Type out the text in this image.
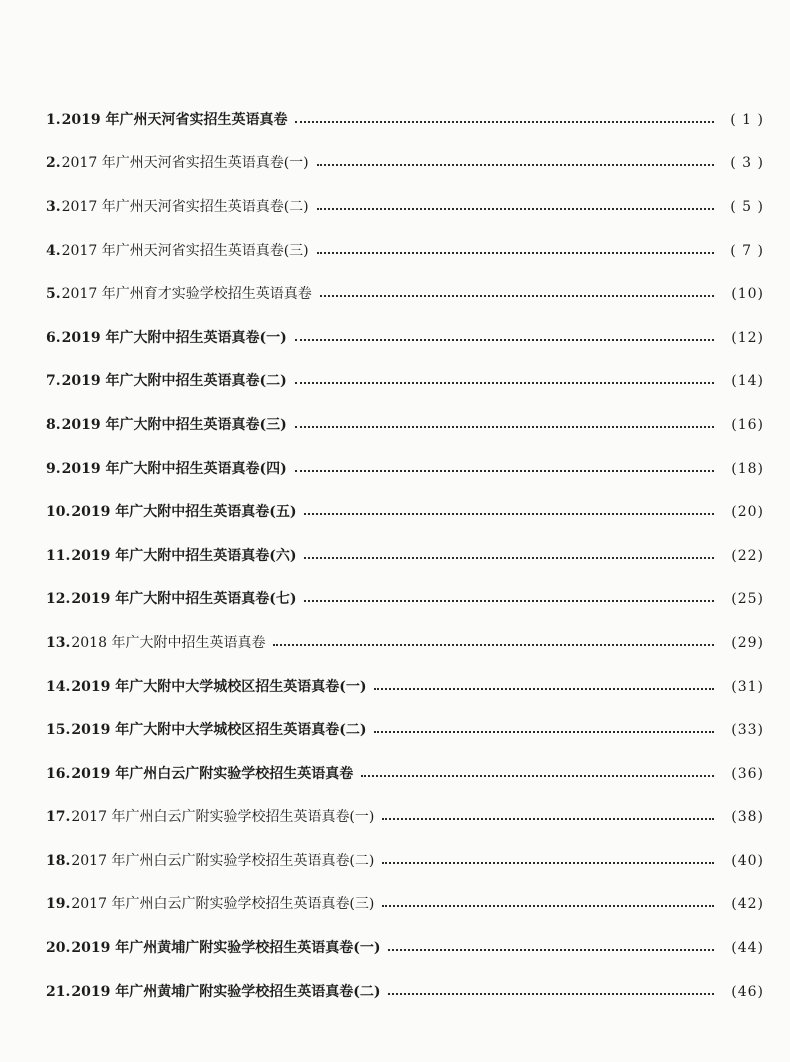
1. 2019 年广州天河省实招生英语真卷	( 1 )
2. 2017 年广州天河省实招生英语真卷(一)	( 3 )
3. 2017 年广州天河省实招生英语真卷(二)	( 5 )
4. 2017 年广州天河省实招生英语真卷(三)	( 7 )
5. 2017 年广州育才实验学校招生英语真卷	(10)
6. 2019 年广大附中招生英语真卷(一)	(12)
7. 2019 年广大附中招生英语真卷(二)	(14)
8. 2019 年广大附中招生英语真卷(三)	(16)
9. 2019 年广大附中招生英语真卷(四)	(18)
10. 2019 年广大附中招生英语真卷(五)	(20)
11. 2019 年广大附中招生英语真卷(六)	(22)
12. 2019 年广大附中招生英语真卷(七)	(25)
13. 2018 年广大附中招生英语真卷	(29)
14. 2019 年广大附中大学城校区招生英语真卷(一)	(31)
15. 2019 年广大附中大学城校区招生英语真卷(二)	(33)
16. 2019 年广州白云广附实验学校招生英语真卷	(36)
17. 2017 年广州白云广附实验学校招生英语真卷(一)	(38)
18. 2017 年广州白云广附实验学校招生英语真卷(二)	(40)
19. 2017 年广州白云广附实验学校招生英语真卷(三)	(42)
20. 2019 年广州黄埔广附实验学校招生英语真卷(一)	(44)
21. 2019 年广州黄埔广附实验学校招生英语真卷(二)	(46)
